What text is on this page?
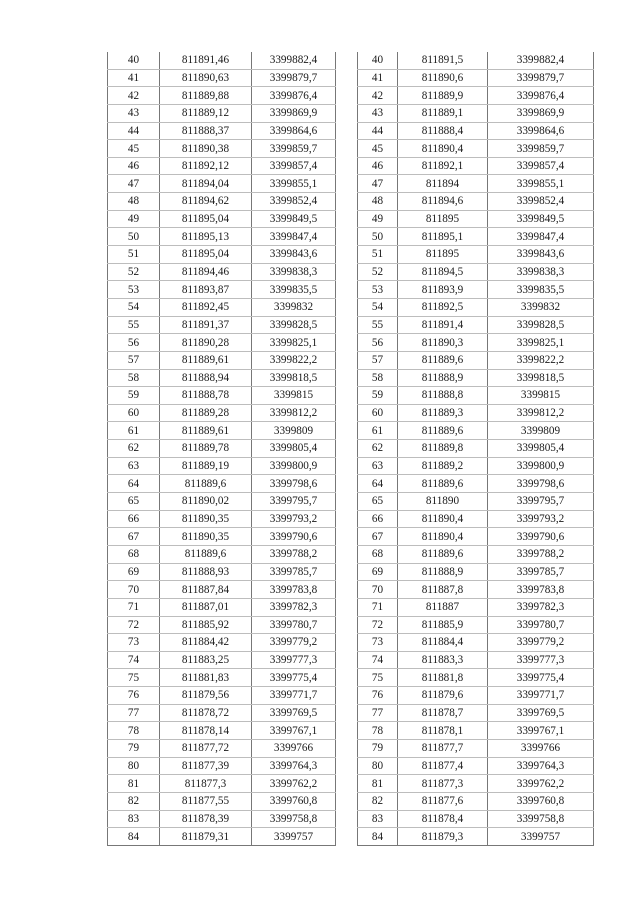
40	811891,46	3399882,4
41	811890,63	3399879,7
42	811889,88	3399876,4
43	811889,12	3399869,9
44	811888,37	3399864,6
45	811890,38	3399859,7
46	811892,12	3399857,4
47	811894,04	3399855,1
48	811894,62	3399852,4
49	811895,04	3399849,5
50	811895,13	3399847,4
51	811895,04	3399843,6
52	811894,46	3399838,3
53	811893,87	3399835,5
54	811892,45	3399832
55	811891,37	3399828,5
56	811890,28	3399825,1
57	811889,61	3399822,2
58	811888,94	3399818,5
59	811888,78	3399815
60	811889,28	3399812,2
61	811889,61	3399809
62	811889,78	3399805,4
63	811889,19	3399800,9
64	811889,6	3399798,6
65	811890,02	3399795,7
66	811890,35	3399793,2
67	811890,35	3399790,6
68	811889,6	3399788,2
69	811888,93	3399785,7
70	811887,84	3399783,8
71	811887,01	3399782,3
72	811885,92	3399780,7
73	811884,42	3399779,2
74	811883,25	3399777,3
75	811881,83	3399775,4
76	811879,56	3399771,7
77	811878,72	3399769,5
78	811878,14	3399767,1
79	811877,72	3399766
80	811877,39	3399764,3
81	811877,3	3399762,2
82	811877,55	3399760,8
83	811878,39	3399758,8
84	811879,31	3399757
40	811891,5	3399882,4
41	811890,6	3399879,7
42	811889,9	3399876,4
43	811889,1	3399869,9
44	811888,4	3399864,6
45	811890,4	3399859,7
46	811892,1	3399857,4
47	811894	3399855,1
48	811894,6	3399852,4
49	811895	3399849,5
50	811895,1	3399847,4
51	811895	3399843,6
52	811894,5	3399838,3
53	811893,9	3399835,5
54	811892,5	3399832
55	811891,4	3399828,5
56	811890,3	3399825,1
57	811889,6	3399822,2
58	811888,9	3399818,5
59	811888,8	3399815
60	811889,3	3399812,2
61	811889,6	3399809
62	811889,8	3399805,4
63	811889,2	3399800,9
64	811889,6	3399798,6
65	811890	3399795,7
66	811890,4	3399793,2
67	811890,4	3399790,6
68	811889,6	3399788,2
69	811888,9	3399785,7
70	811887,8	3399783,8
71	811887	3399782,3
72	811885,9	3399780,7
73	811884,4	3399779,2
74	811883,3	3399777,3
75	811881,8	3399775,4
76	811879,6	3399771,7
77	811878,7	3399769,5
78	811878,1	3399767,1
79	811877,7	3399766
80	811877,4	3399764,3
81	811877,3	3399762,2
82	811877,6	3399760,8
83	811878,4	3399758,8
84	811879,3	3399757
